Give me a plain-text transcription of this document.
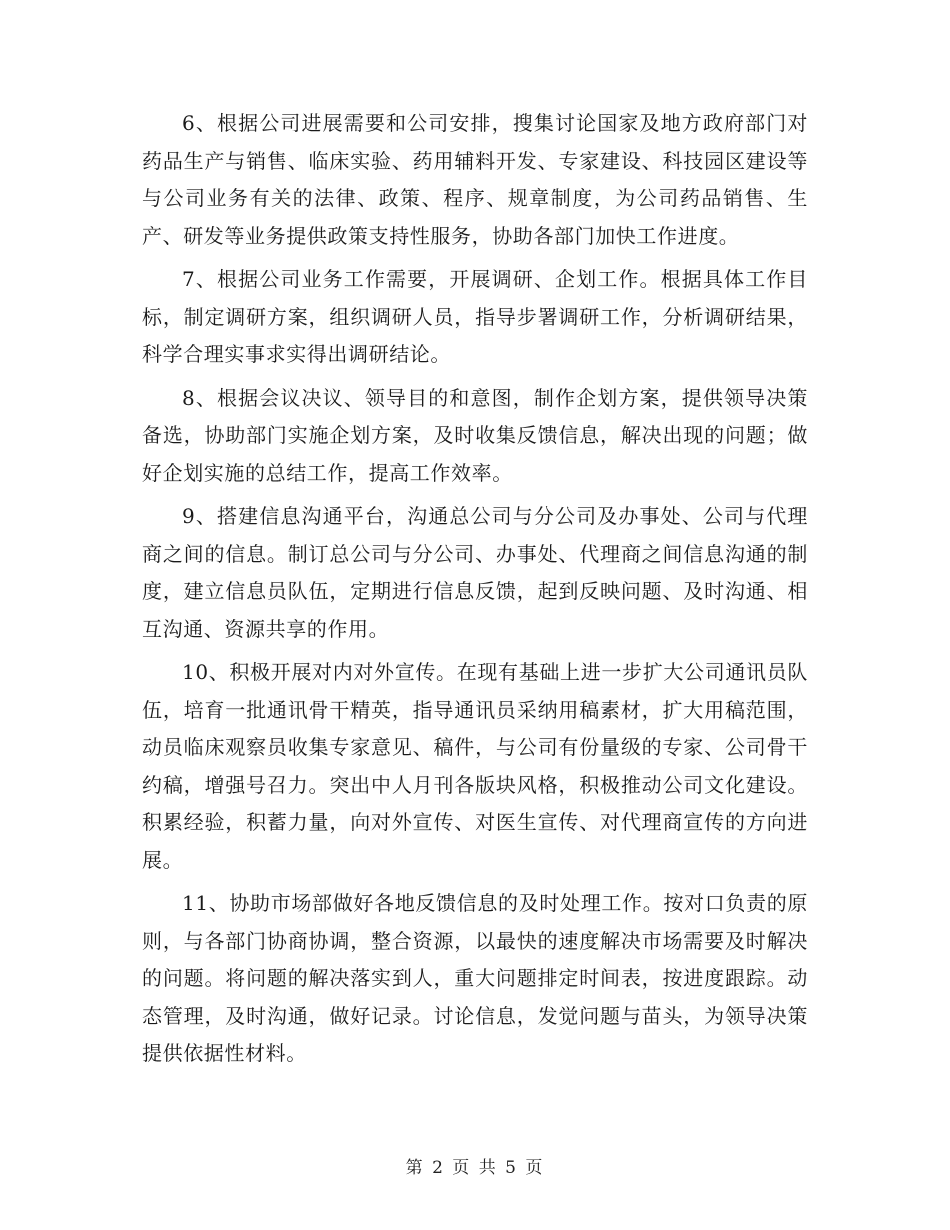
6、根据公司进展需要和公司安排，搜集讨论国家及地方政府部门对药品生产与销售、临床实验、药用辅料开发、专家建设、科技园区建设等与公司业务有关的法律、政策、程序、规章制度，为公司药品销售、生产、研发等业务提供政策支持性服务，协助各部门加快工作进度。

7、根据公司业务工作需要，开展调研、企划工作。根据具体工作目标，制定调研方案，组织调研人员，指导步署调研工作，分析调研结果，科学合理实事求实得出调研结论。

8、根据会议决议、领导目的和意图，制作企划方案，提供领导决策备选，协助部门实施企划方案，及时收集反馈信息，解决出现的问题；做好企划实施的总结工作，提高工作效率。

9、搭建信息沟通平台，沟通总公司与分公司及办事处、公司与代理商之间的信息。制订总公司与分公司、办事处、代理商之间信息沟通的制度，建立信息员队伍，定期进行信息反馈，起到反映问题、及时沟通、相互沟通、资源共享的作用。

10、积极开展对内对外宣传。在现有基础上进一步扩大公司通讯员队伍，培育一批通讯骨干精英，指导通讯员采纳用稿素材，扩大用稿范围，动员临床观察员收集专家意见、稿件，与公司有份量级的专家、公司骨干约稿，增强号召力。突出中人月刊各版块风格，积极推动公司文化建设。积累经验，积蓄力量，向对外宣传、对医生宣传、对代理商宣传的方向进展。

11、协助市场部做好各地反馈信息的及时处理工作。按对口负责的原则，与各部门协商协调，整合资源，以最快的速度解决市场需要及时解决的问题。将问题的解决落实到人，重大问题排定时间表，按进度跟踪。动态管理，及时沟通，做好记录。讨论信息，发觉问题与苗头，为领导决策提供依据性材料。

第 2 页 共 5 页
